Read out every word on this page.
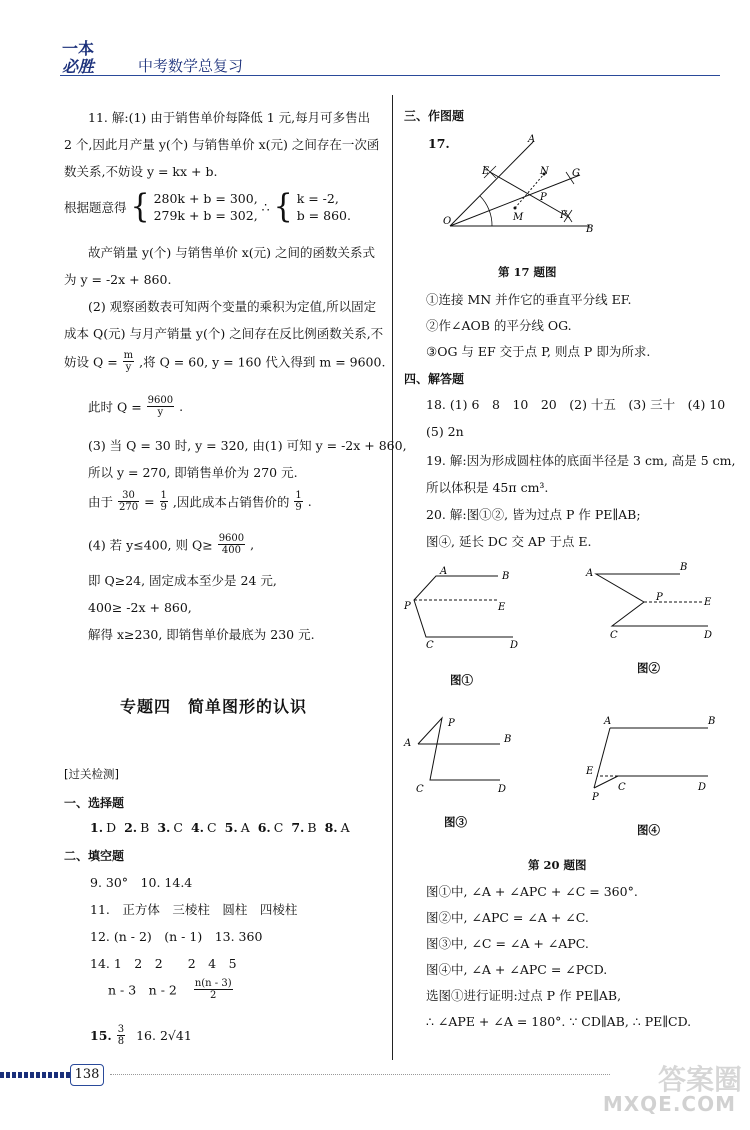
一本
必胜	中考数学总复习
11. 解:(1) 由于销售单价每降低 1 元,每月可多售出
2 个,因此月产量 y(个) 与销售单价 x(元) 之间存在一次函
数关系,不妨设 y = kx + b.
根据题意得 { 280k + b = 300,
279k + b = 302,
∴ { k = -2,
b = 860.
故产销量 y(个) 与销售单价 x(元) 之间的函数关系式
为 y = -2x + 860.
(2) 观察函数表可知两个变量的乘积为定值,所以固定
成本 Q(元) 与月产销量 y(个) 之间存在反比例函数关系,不
妨设 $Q = \frac{m}{y}$ ,将 Q = 60, y = 160 代入得到 m = 9600.
此时 $Q = \frac{9600}{y}$ .
(3) 当 Q = 30 时, y = 320, 由(1) 可知 y = -2x + 860,
所以 y = 270, 即销售单价为 270 元.
由于 $\frac{30}{270} = \frac{1}{9}$ ,因此成本占销售价的 $\frac{1}{9}$ .
(4) 若 y≤400, 则 $Q\ge \frac{9600}{400}$ ,
即 Q≥24, 固定成本至少是 24 元,
400≥ -2x + 860,
解得 x≥230, 即销售单价最底为 230 元.
专题四　简单图形的认识
[过关检测]
一、选择题
1. D 2. B 3. C 4. C 5. A 6. C 7. B 8. A
二、填空题
9. 30°　10. 14.4
11.　正方体　三棱柱　圆柱　四棱柱
12. (n - 2)　(n - 1)　13. 360
14. 1　2　2　　2　4　5
n - 3　n - $2 \frac{n(n - 3)}{2}$
15. $\frac{3}{8} 16$. 2√41
138
三、作图题
17.	A
B
O
E	N G
P
M	F
第 17 题图
①连接 MN 并作它的垂直平分线 EF.
②作∠AOB 的平分线 OG.
③OG 与 EF 交于点 P, 则点 P 即为所求.
四、解答题
18. (1) 6　8　10　20　(2) 十五　(3) 三十　(4) 10
(5) 2n
19. 解:因为形成圆柱体的底面半径是 3 cm, 高是 5 cm,
所以体积是 45π cm³.
20. 解:图①②, 皆为过点 P 作 PE∥AB;
图④, 延长 DC 交 AP 于点 E.
A	B
P	E
C	D
图①
A
B
P	E
C	D
图②
A
P
B
C	D
图③
A	B
E
P
C	D
图④
第 20 题图
图①中, ∠A + ∠APC + ∠C = 360°.
图②中, ∠APC = ∠A + ∠C.
图③中, ∠C = ∠A + ∠APC.
图④中, ∠A + ∠APC = ∠PCD.
选图①进行证明:过点 P 作 PE∥AB,
∴ ∠APE + ∠A = 180°. ∵ CD∥AB, ∴ PE∥CD.
答案圈
MXQE.COM
